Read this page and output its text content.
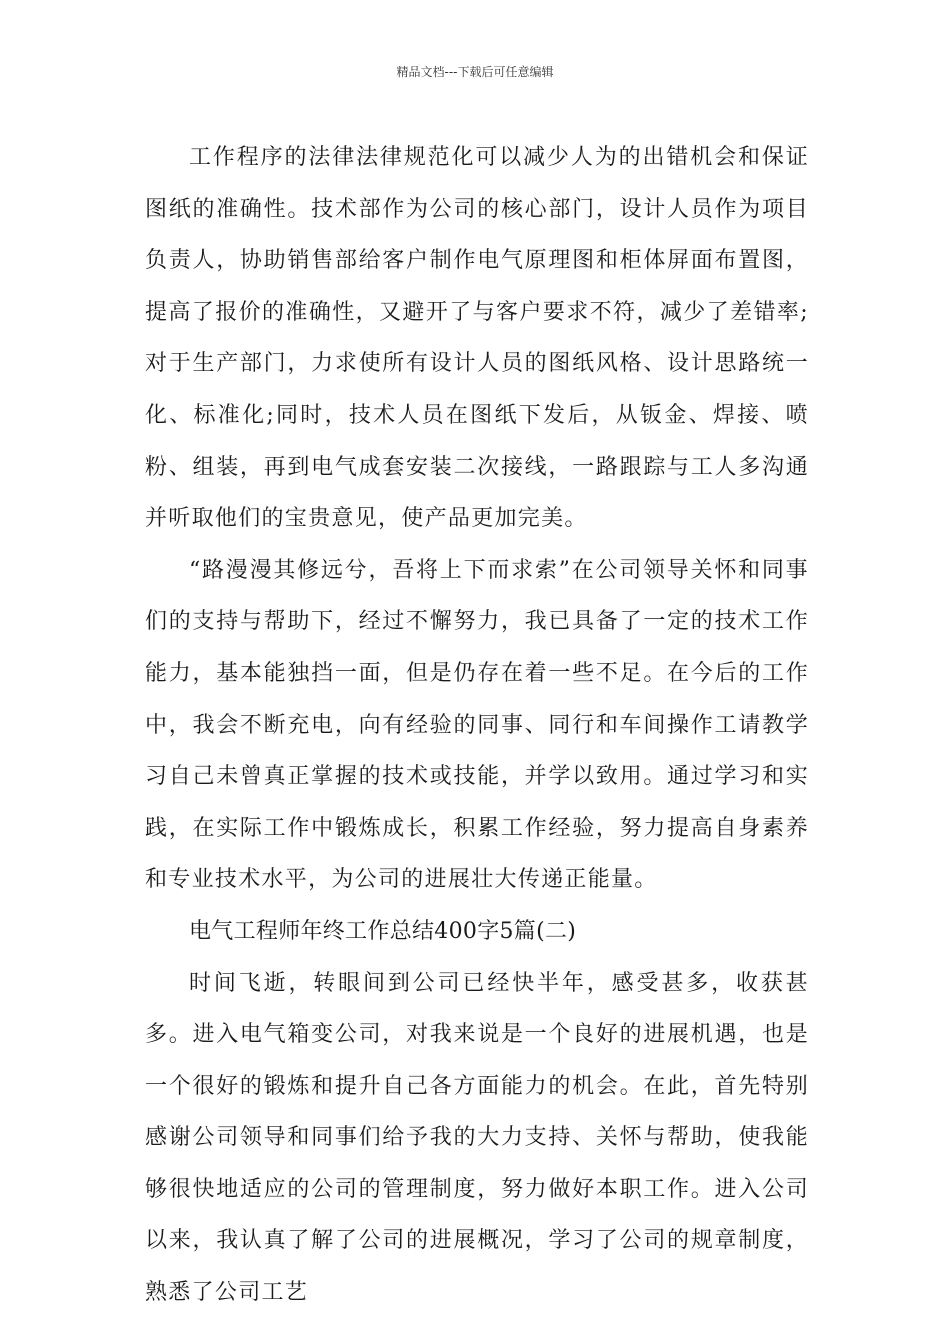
精品文档---下载后可任意编辑

工作程序的法律法律规范化可以减少人为的出错机会和保证图纸的准确性。技术部作为公司的核心部门，设计人员作为项目负责人，协助销售部给客户制作电气原理图和柜体屏面布置图，提高了报价的准确性，又避开了与客户要求不符，减少了差错率;对于生产部门，力求使所有设计人员的图纸风格、设计思路统一化、标准化;同时，技术人员在图纸下发后，从钣金、焊接、喷粉、组装，再到电气成套安装二次接线，一路跟踪与工人多沟通并听取他们的宝贵意见，使产品更加完美。

“路漫漫其修远兮，吾将上下而求索”在公司领导关怀和同事们的支持与帮助下，经过不懈努力，我已具备了一定的技术工作能力，基本能独挡一面，但是仍存在着一些不足。在今后的工作中，我会不断充电，向有经验的同事、同行和车间操作工请教学习自己未曾真正掌握的技术或技能，并学以致用。通过学习和实践，在实际工作中锻炼成长，积累工作经验，努力提高自身素养和专业技术水平，为公司的进展壮大传递正能量。

电气工程师年终工作总结400字5篇(二)

时间飞逝，转眼间到公司已经快半年，感受甚多，收获甚多。进入电气箱变公司，对我来说是一个良好的进展机遇，也是一个很好的锻炼和提升自己各方面能力的机会。在此，首先特别感谢公司领导和同事们给予我的大力支持、关怀与帮助，使我能够很快地适应的公司的管理制度，努力做好本职工作。进入公司以来，我认真了解了公司的进展概况，学习了公司的规章制度，熟悉了公司工艺
